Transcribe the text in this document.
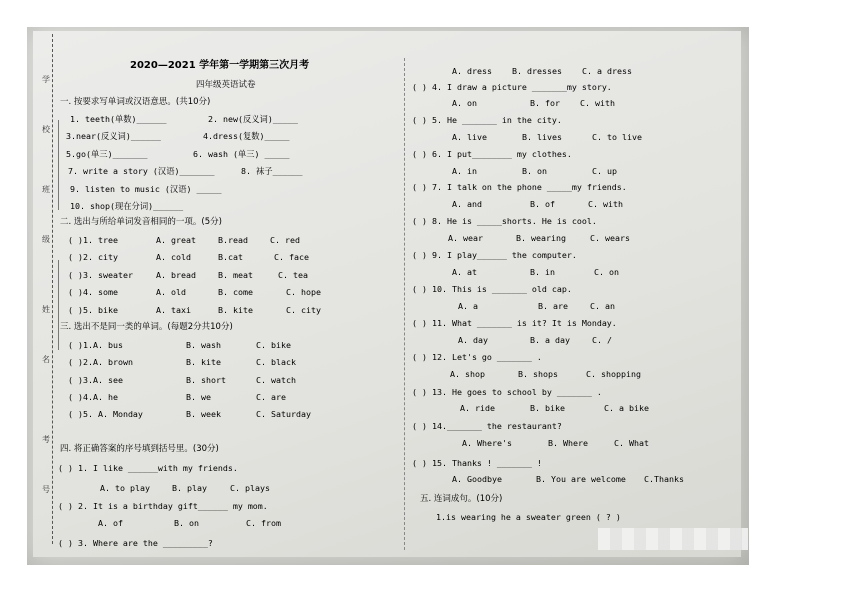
学
校
班
级
姓
名
考
号
2020—2021 学年第一学期第三次月考
四年级英语试卷
一. 按要求写单词或汉语意思。(共10分)
1. teeth(单数)______	2. new(反义词)_____
3.near(反义词)______	4.dress(复数)_____
5.go(单三)_______	6. wash (单三) _____
7. write a story (汉语)_______	8. 袜子______
9. listen to music (汉语) _____
10. shop(现在分词)______
二. 选出与所给单词发音相同的一项。(5分)
( )1. tree	A. great	B.read	C. red
( )2. city	A. cold	B.cat	C. face
( )3. sweater	A. bread	B. meat	C. tea
( )4. some	A. old	B. come	C. hope
( )5. bike	A. taxi	B. kite	C. city
三. 选出不是同一类的单词。(每题2分共10分)
( )1.A. bus	B. wash	C. bike
( )2.A. brown	B. kite	C. black
( )3.A. see	B. short	C. watch
( )4.A. he	B. we	C. are
( )5. A. Monday	B. week	C. Saturday
四. 将正确答案的序号填到括号里。(30分)
( ) 1. I like ______with my friends.
A. to play	B. play	C. plays
( ) 2. It is a birthday gift______ my mom.
A. of	B. on	C. from
( ) 3. Where are the _________?
A. dress B. dresses C. a dress
( ) 4. I draw a picture _______my story.
A. on	B. for C. with
( ) 5. He _______ in the city.
A. live	B. lives	C. to live
( ) 6. I put________ my clothes.
A. in	B. on	C. up
( ) 7. I talk on the phone _____my friends.
A. and	B. of	C. with
( ) 8. He is _____shorts. He is cool.
A. wear	B. wearing	C. wears
( ) 9. I play______ the computer.
A. at	B. in	C. on
( ) 10. This is _______ old cap.
A. a	B. are	C. an
( ) 11. What _______ is it? It is Monday.
A. day	B. a day	C. /
( ) 12. Let's go _______ .
A. shop	B. shops	C. shopping
( ) 13. He goes to school by _______ .
A. ride	B. bike	C. a bike
( ) 14._______ the restaurant?
A. Where's	B. Where	C. What
( ) 15. Thanks ! _______ !
A. Goodbye	B. You are welcome C.Thanks
五. 连词成句。(10分)
1.is wearing he a sweater green ( ? )
